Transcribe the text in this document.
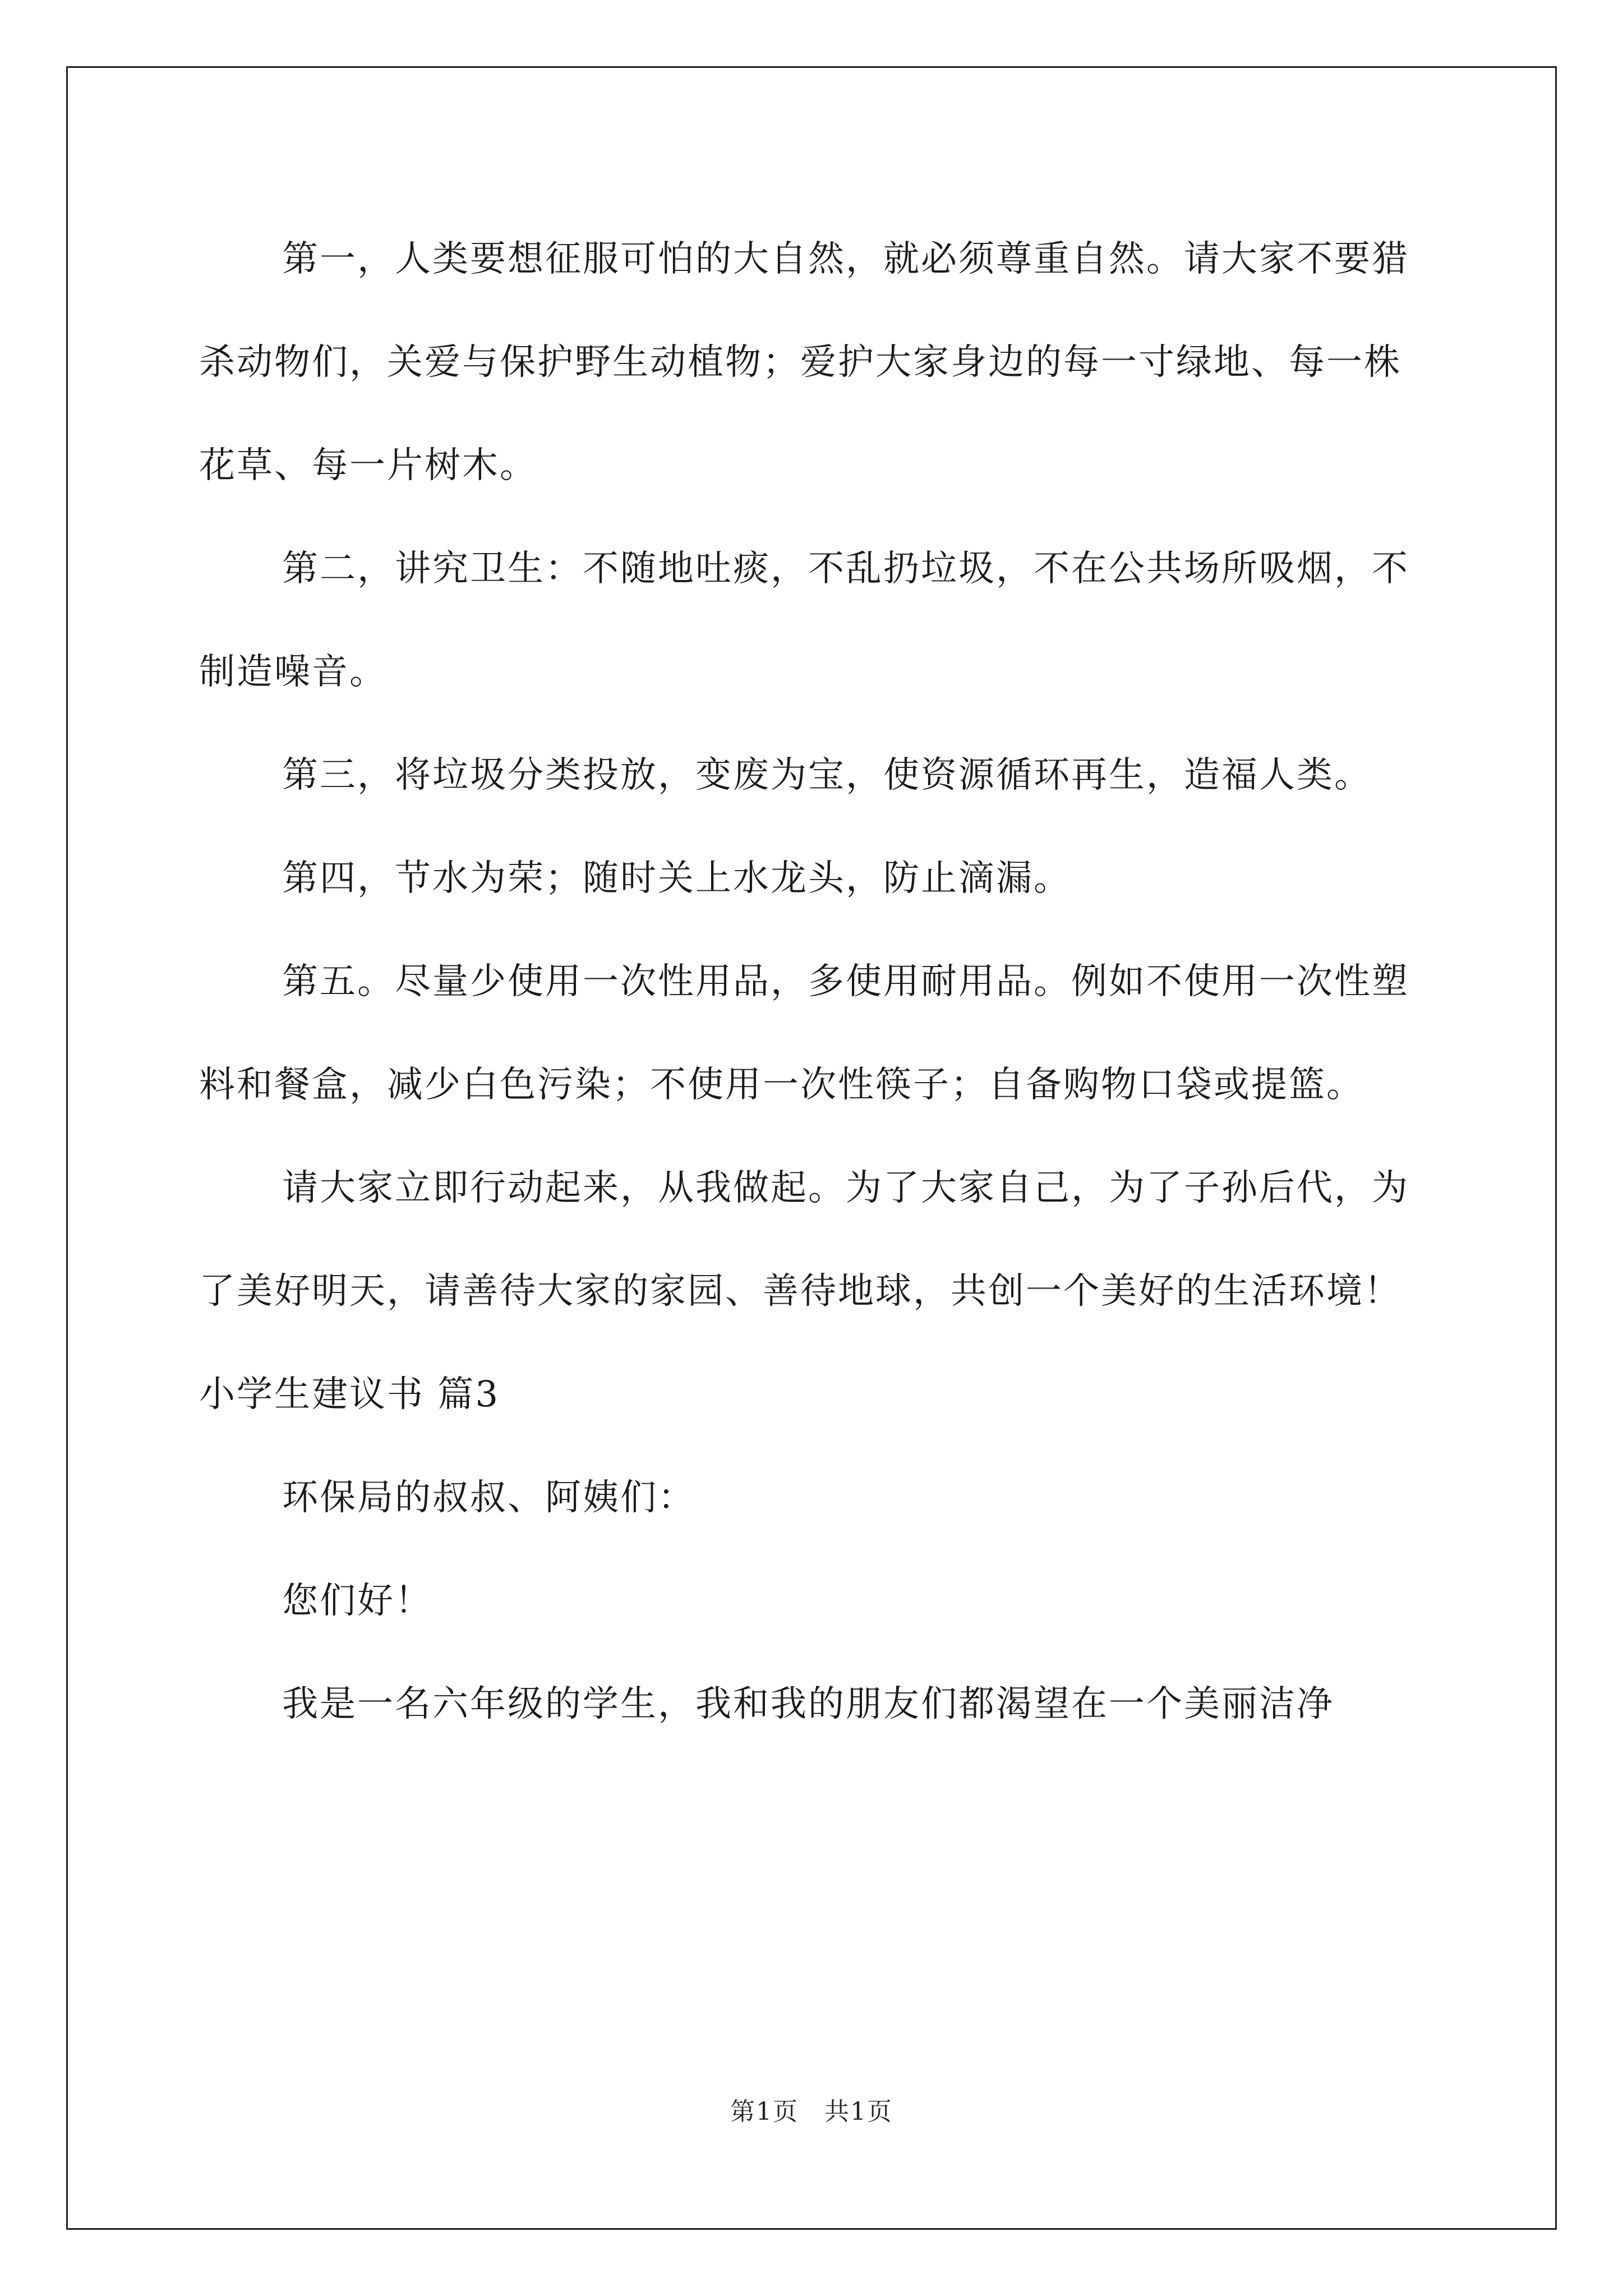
第一，人类要想征服可怕的大自然，就必须尊重自然。请大家不要猎杀动物们，关爱与保护野生动植物；爱护大家身边的每一寸绿地、每一株花草、每一片树木。

第二，讲究卫生：不随地吐痰，不乱扔垃圾，不在公共场所吸烟，不制造噪音。

第三，将垃圾分类投放，变废为宝，使资源循环再生，造福人类。

第四，节水为荣；随时关上水龙头，防止滴漏。

第五。尽量少使用一次性用品，多使用耐用品。例如不使用一次性塑料和餐盒，减少白色污染；不使用一次性筷子；自备购物口袋或提篮。

请大家立即行动起来，从我做起。为了大家自己，为了子孙后代，为了美好明天，请善待大家的家园、善待地球，共创一个美好的生活环境！

小学生建议书 篇3

环保局的叔叔、阿姨们：

您们好！

我是一名六年级的学生，我和我的朋友们都渴望在一个美丽洁净

第1页　共1页
